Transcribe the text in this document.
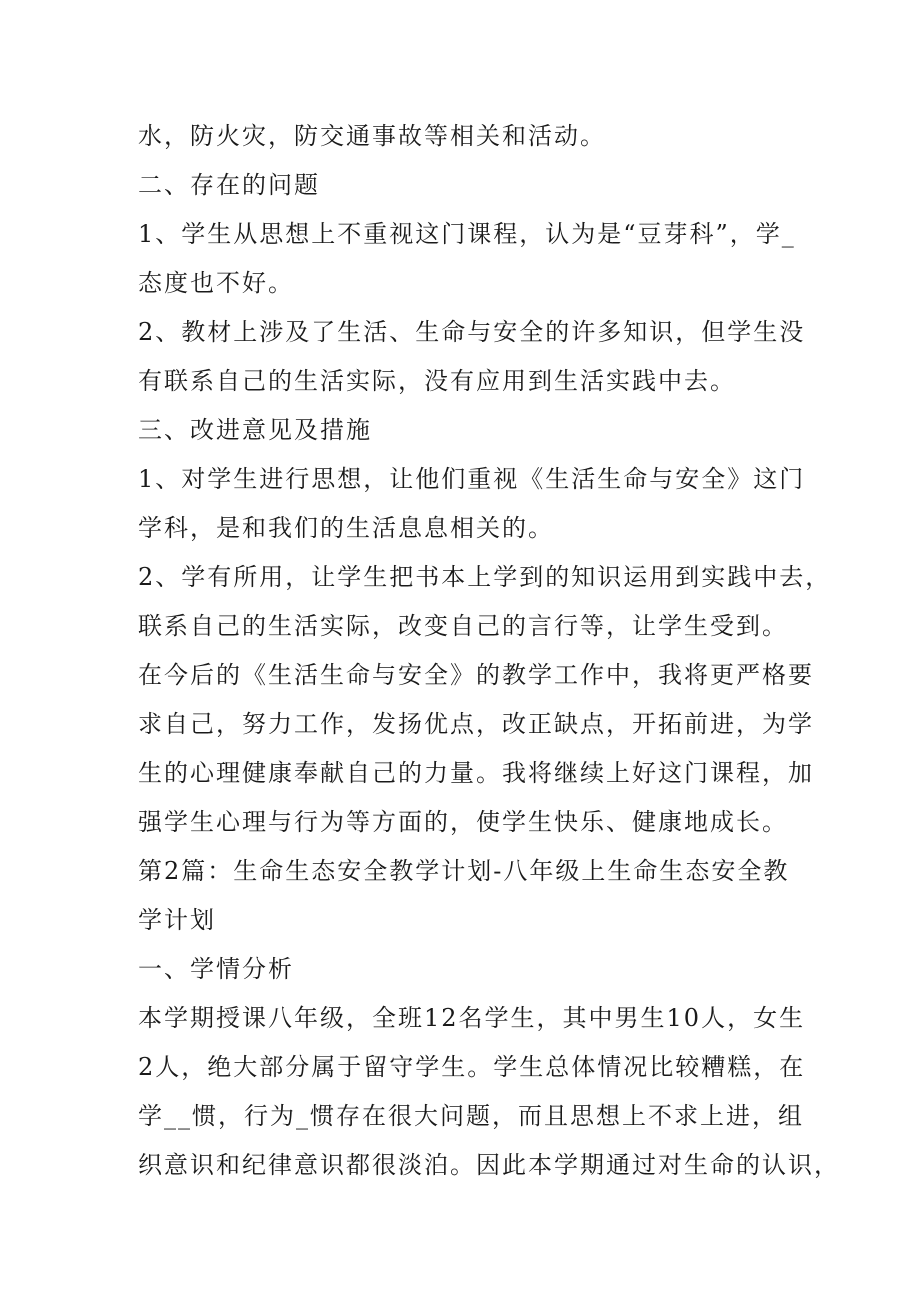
水，防火灾，防交通事故等相关和活动。
二、存在的问题
1、学生从思想上不重视这门课程，认为是“豆芽科”，学_
态度也不好。
2、教材上涉及了生活、生命与安全的许多知识，但学生没
有联系自己的生活实际，没有应用到生活实践中去。
三、改进意见及措施
1、对学生进行思想，让他们重视《生活生命与安全》这门
学科，是和我们的生活息息相关的。
2、学有所用，让学生把书本上学到的知识运用到实践中去，
联系自己的生活实际，改变自己的言行等，让学生受到。
在今后的《生活生命与安全》的教学工作中，我将更严格要
求自己，努力工作，发扬优点，改正缺点，开拓前进，为学
生的心理健康奉献自己的力量。我将继续上好这门课程，加
强学生心理与行为等方面的，使学生快乐、健康地成长。
第2篇：生命生态安全教学计划-八年级上生命生态安全教
学计划
一、学情分析
本学期授课八年级，全班12名学生，其中男生10人，女生
2人，绝大部分属于留守学生。学生总体情况比较糟糕，在
学__惯，行为_惯存在很大问题，而且思想上不求上进，组
织意识和纪律意识都很淡泊。因此本学期通过对生命的认识，
